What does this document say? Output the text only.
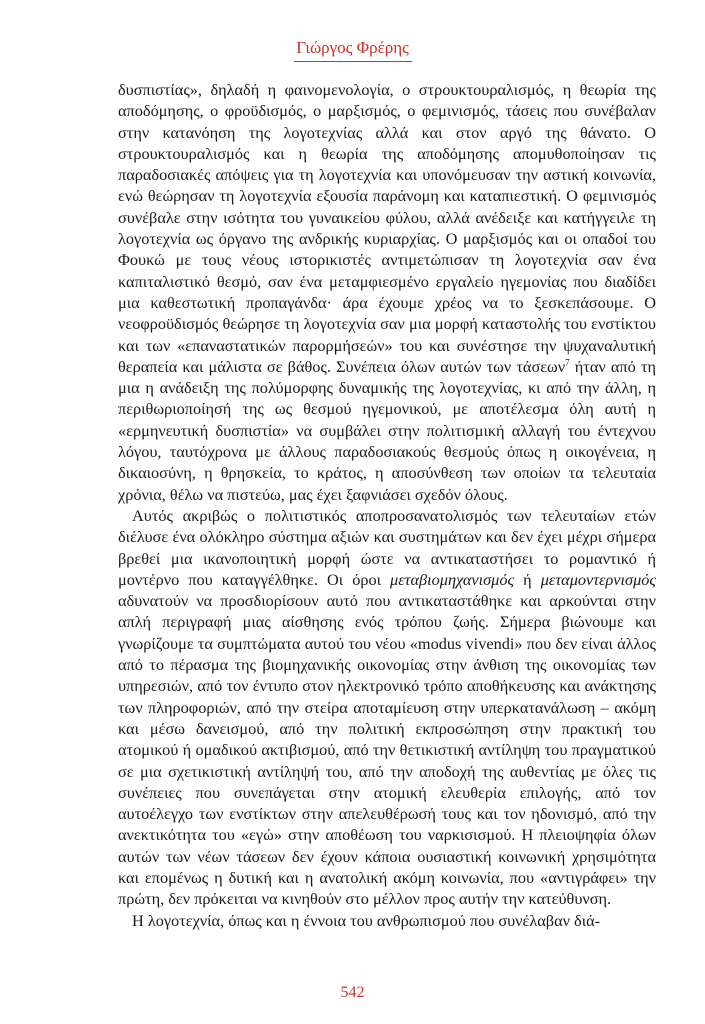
Γιώργος Φρέρης

δυσπιστίας», δηλαδή η φαινομενολογία, ο στρουκτουραλισμός, η θεωρία της αποδόμησης, ο φροϋδισμός, ο μαρξισμός, ο φεμινισμός, τάσεις που συνέβαλαν στην κατανόηση της λογοτεχνίας αλλά και στον αργό της θάνατο. Ο στρουκτουραλισμός και η θεωρία της αποδόμησης απομυθοποίησαν τις παραδοσιακές απόψεις για τη λογοτεχνία και υπονόμευσαν την αστική κοινωνία, ενώ θεώρησαν τη λογοτεχνία εξουσία παράνομη και καταπιεστική. Ο φεμινισμός συνέβαλε στην ισότητα του γυναικείου φύλου, αλλά ανέδειξε και κατήγγειλε τη λογοτεχνία ως όργανο της ανδρικής κυριαρχίας. Ο μαρξισμός και οι οπαδοί του Φουκώ με τους νέους ιστορικιστές αντιμετώπισαν τη λογοτεχνία σαν ένα καπιταλιστικό θεσμό, σαν ένα μεταμφιεσμένο εργαλείο ηγεμονίας που διαδίδει μια καθεστωτική προπαγάνδα· άρα έχουμε χρέος να το ξεσκεπάσουμε. Ο νεοφροϋδισμός θεώρησε τη λογοτεχνία σαν μια μορφή καταστολής του ενστίκτου και των «επαναστατικών παρορμήσεών» του και συνέστησε την ψυχαναλυτική θεραπεία και μάλιστα σε βάθος. Συνέπεια όλων αυτών των τάσεων$^7$ ήταν από τη μια η ανάδειξη της πολύμορφης δυναμικής της λογοτεχνίας, κι από την άλλη, η περιθωριοποίησή της ως θεσμού ηγεμονικού, με αποτέλεσμα όλη αυτή η «ερμηνευτική δυσπιστία» να συμβάλει στην πολιτισμική αλλαγή του έντεχνου λόγου, ταυτόχρονα με άλλους παραδοσιακούς θεσμούς όπως η οικογένεια, η δικαιοσύνη, η θρησκεία, το κράτος, η αποσύνθεση των οποίων τα τελευταία χρόνια, θέλω να πιστεύω, μας έχει ξαφνιάσει σχεδόν όλους.

Αυτός ακριβώς ο πολιτιστικός αποπροσανατολισμός των τελευταίων ετών διέλυσε ένα ολόκληρο σύστημα αξιών και συστημάτων και δεν έχει μέχρι σήμερα βρεθεί μια ικανοποιητική μορφή ώστε να αντικαταστήσει το ρομαντικό ή μοντέρνο που καταγγέλθηκε. Οι όροι μεταβιομηχανισμός ή μεταμοντερνισμός αδυνατούν να προσδιορίσουν αυτό που αντικαταστάθηκε και αρκούνται στην απλή περιγραφή μιας αίσθησης ενός τρόπου ζωής. Σήμερα βιώνουμε και γνωρίζουμε τα συμπτώματα αυτού του νέου «modus vivendi» που δεν είναι άλλος από το πέρασμα της βιομηχανικής οικονομίας στην άνθιση της οικονομίας των υπηρεσιών, από τον έντυπο στον ηλεκτρονικό τρόπο αποθήκευσης και ανάκτησης των πληροφοριών, από την στείρα αποταμίευση στην υπερκατανάλωση – ακόμη και μέσω δανεισμού, από την πολιτική εκπροσώπηση στην πρακτική του ατομικού ή ομαδικού ακτιβισμού, από την θετικιστική αντίληψη του πραγματικού σε μια σχετικιστική αντίληψή του, από την αποδοχή της αυθεντίας με όλες τις συνέπειες που συνεπάγεται στην ατομική ελευθερία επιλογής, από τον αυτοέλεγχο των ενστίκτων στην απελευθέρωσή τους και τον ηδονισμό, από την ανεκτικότητα του «εγώ» στην αποθέωση του ναρκισισμού. Η πλειοψηφία όλων αυτών των νέων τάσεων δεν έχουν κάποια ουσιαστική κοινωνική χρησιμότητα και επομένως η δυτική και η ανατολική ακόμη κοινωνία, που «αντιγράφει» την πρώτη, δεν πρόκειται να κινηθούν στο μέλλον προς αυτήν την κατεύθυνση.

Η λογοτεχνία, όπως και η έννοια του ανθρωπισμού που συνέλαβαν διά-

542
